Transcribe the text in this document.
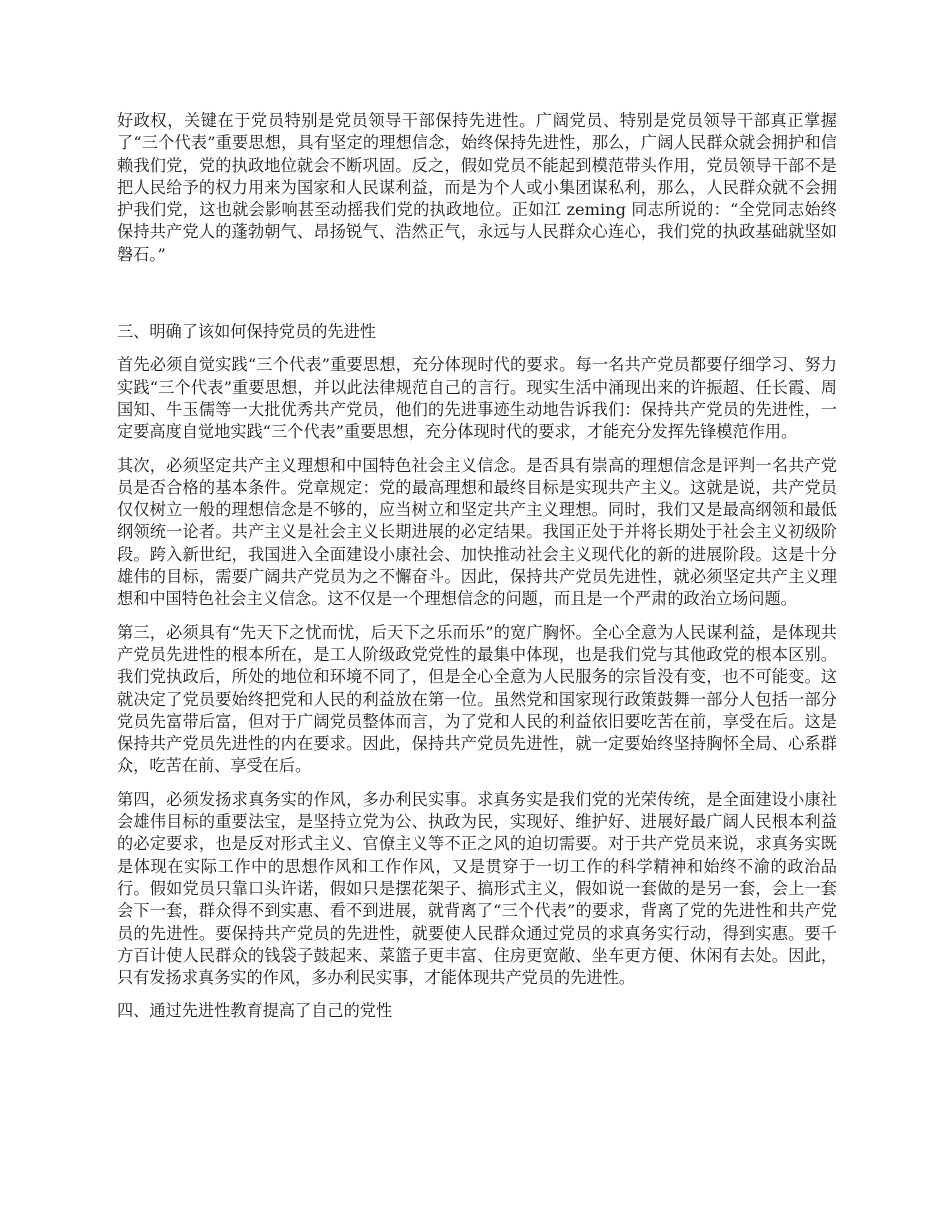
好政权，关键在于党员特别是党员领导干部保持先进性。广阔党员、特别是党员领导干部真正掌握了“三个代表”重要思想，具有坚定的理想信念，始终保持先进性，那么，广阔人民群众就会拥护和信赖我们党，党的执政地位就会不断巩固。反之，假如党员不能起到模范带头作用，党员领导干部不是把人民给予的权力用来为国家和人民谋利益，而是为个人或小集团谋私利，那么，人民群众就不会拥护我们党，这也就会影响甚至动摇我们党的执政地位。正如江 zeming 同志所说的：“全党同志始终保持共产党人的蓬勃朝气、昂扬锐气、浩然正气，永远与人民群众心连心，我们党的执政基础就坚如磐石。”

三、明确了该如何保持党员的先进性

首先必须自觉实践“三个代表”重要思想，充分体现时代的要求。每一名共产党员都要仔细学习、努力实践“三个代表”重要思想，并以此法律规范自己的言行。现实生活中涌现出来的许振超、任长霞、周国知、牛玉儒等一大批优秀共产党员，他们的先进事迹生动地告诉我们：保持共产党员的先进性，一定要高度自觉地实践“三个代表”重要思想，充分体现时代的要求，才能充分发挥先锋模范作用。

其次，必须坚定共产主义理想和中国特色社会主义信念。是否具有崇高的理想信念是评判一名共产党员是否合格的基本条件。党章规定：党的最高理想和最终目标是实现共产主义。这就是说，共产党员仅仅树立一般的理想信念是不够的，应当树立和坚定共产主义理想。同时，我们又是最高纲领和最低纲领统一论者。共产主义是社会主义长期进展的必定结果。我国正处于并将长期处于社会主义初级阶段。跨入新世纪，我国进入全面建设小康社会、加快推动社会主义现代化的新的进展阶段。这是十分雄伟的目标，需要广阔共产党员为之不懈奋斗。因此，保持共产党员先进性，就必须坚定共产主义理想和中国特色社会主义信念。这不仅是一个理想信念的问题，而且是一个严肃的政治立场问题。

第三，必须具有“先天下之忧而忧，后天下之乐而乐”的宽广胸怀。全心全意为人民谋利益，是体现共产党员先进性的根本所在，是工人阶级政党党性的最集中体现，也是我们党与其他政党的根本区别。我们党执政后，所处的地位和环境不同了，但是全心全意为人民服务的宗旨没有变，也不可能变。这就决定了党员要始终把党和人民的利益放在第一位。虽然党和国家现行政策鼓舞一部分人包括一部分党员先富带后富，但对于广阔党员整体而言，为了党和人民的利益依旧要吃苦在前，享受在后。这是保持共产党员先进性的内在要求。因此，保持共产党员先进性，就一定要始终坚持胸怀全局、心系群众，吃苦在前、享受在后。

第四，必须发扬求真务实的作风，多办利民实事。求真务实是我们党的光荣传统，是全面建设小康社会雄伟目标的重要法宝，是坚持立党为公、执政为民，实现好、维护好、进展好最广阔人民根本利益的必定要求，也是反对形式主义、官僚主义等不正之风的迫切需要。对于共产党员来说，求真务实既是体现在实际工作中的思想作风和工作作风，又是贯穿于一切工作的科学精神和始终不渝的政治品行。假如党员只靠口头许诺，假如只是摆花架子、搞形式主义，假如说一套做的是另一套，会上一套会下一套，群众得不到实惠、看不到进展，就背离了“三个代表”的要求，背离了党的先进性和共产党员的先进性。要保持共产党员的先进性，就要使人民群众通过党员的求真务实行动，得到实惠。要千方百计使人民群众的钱袋子鼓起来、菜篮子更丰富、住房更宽敞、坐车更方便、休闲有去处。因此，只有发扬求真务实的作风，多办利民实事，才能体现共产党员的先进性。

四、通过先进性教育提高了自己的党性
